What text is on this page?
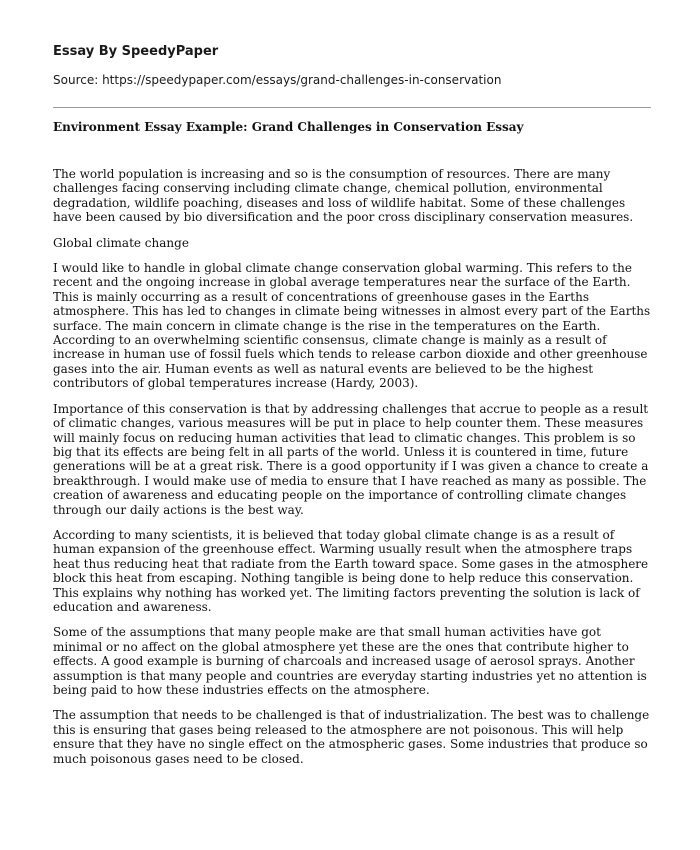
Essay By SpeedyPaper

Source: https://speedypaper.com/essays/grand-challenges-in-conservation

Environment Essay Example: Grand Challenges in Conservation Essay

The world population is increasing and so is the consumption of resources. There are many challenges facing conserving including climate change, chemical pollution, environmental degradation, wildlife poaching, diseases and loss of wildlife habitat. Some of these challenges have been caused by bio diversification and the poor cross disciplinary conservation measures.

Global climate change

I would like to handle in global climate change conservation global warming. This refers to the recent and the ongoing increase in global average temperatures near the surface of the Earth. This is mainly occurring as a result of concentrations of greenhouse gases in the Earths atmosphere. This has led to changes in climate being witnesses in almost every part of the Earths surface. The main concern in climate change is the rise in the temperatures on the Earth. According to an overwhelming scientific consensus, climate change is mainly as a result of increase in human use of fossil fuels which tends to release carbon dioxide and other greenhouse gases into the air. Human events as well as natural events are believed to be the highest contributors of global temperatures increase (Hardy, 2003).

Importance of this conservation is that by addressing challenges that accrue to people as a result of climatic changes, various measures will be put in place to help counter them. These measures will mainly focus on reducing human activities that lead to climatic changes. This problem is so big that its effects are being felt in all parts of the world. Unless it is countered in time, future generations will be at a great risk. There is a good opportunity if I was given a chance to create a breakthrough. I would make use of media to ensure that I have reached as many as possible. The creation of awareness and educating people on the importance of controlling climate changes through our daily actions is the best way.

According to many scientists, it is believed that today global climate change is as a result of human expansion of the greenhouse effect. Warming usually result when the atmosphere traps heat thus reducing heat that radiate from the Earth toward space. Some gases in the atmosphere block this heat from escaping. Nothing tangible is being done to help reduce this conservation. This explains why nothing has worked yet. The limiting factors preventing the solution is lack of education and awareness.

Some of the assumptions that many people make are that small human activities have got minimal or no affect on the global atmosphere yet these are the ones that contribute higher to effects. A good example is burning of charcoals and increased usage of aerosol sprays. Another assumption is that many people and countries are everyday starting industries yet no attention is being paid to how these industries effects on the atmosphere.

The assumption that needs to be challenged is that of industrialization. The best was to challenge this is ensuring that gases being released to the atmosphere are not poisonous. This will help ensure that they have no single effect on the atmospheric gases. Some industries that produce so much poisonous gases need to be closed.
